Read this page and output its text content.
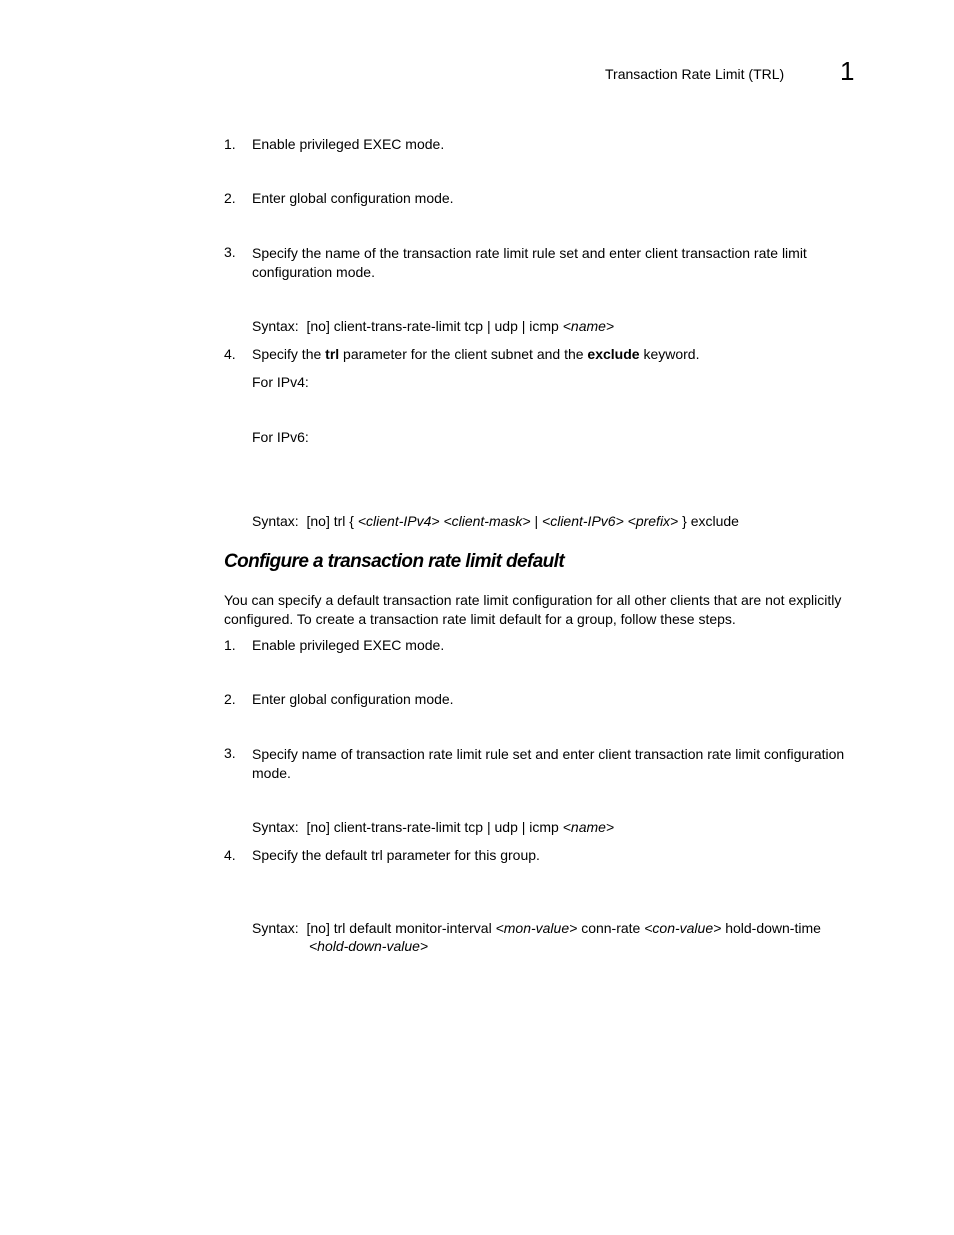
Transaction Rate Limit (TRL) 1
1.	Enable privileged EXEC mode.
2.	Enter global configuration mode.
3.	Specify the name of the transaction rate limit rule set and enter client transaction rate limit configuration mode.
Syntax: [no] client-trans-rate-limit tcp | udp | icmp <name>
4.	Specify the trl parameter for the client subnet and the exclude keyword.
For IPv4:
For IPv6:
Syntax: [no] trl { <client-IPv4> <client-mask> | <client-IPv6> <prefix> } exclude
Configure a transaction rate limit default
You can specify a default transaction rate limit configuration for all other clients that are not explicitly configured. To create a transaction rate limit default for a group, follow these steps.
1.	Enable privileged EXEC mode.
2.	Enter global configuration mode.
3.	Specify name of transaction rate limit rule set and enter client transaction rate limit configuration mode.
Syntax: [no] client-trans-rate-limit tcp | udp | icmp <name>
4.	Specify the default trl parameter for this group.
Syntax: [no] trl default monitor-interval <mon-value> conn-rate <con-value> hold-down-time
<hold-down-value>
